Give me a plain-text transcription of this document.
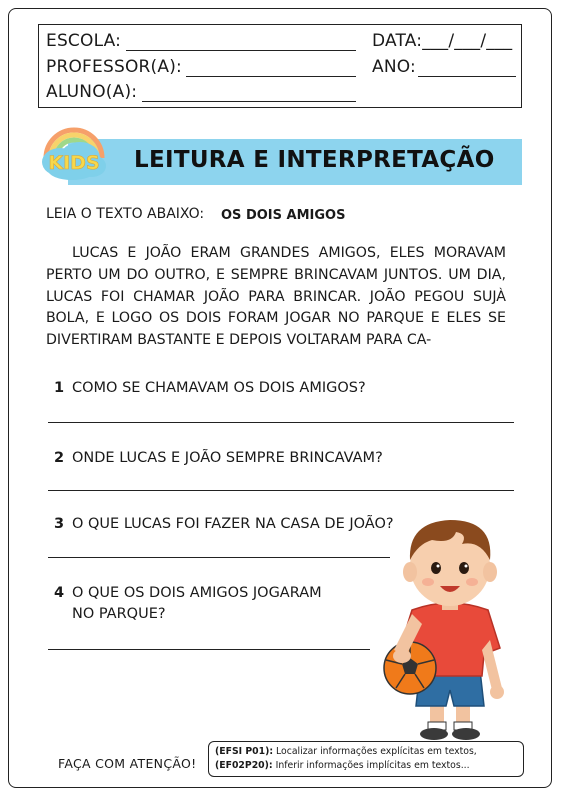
ESCOLA:	DATA:___/___/___
PROFESSOR(A):	ANO:
ALUNO(A):
KIDS LEITURA E INTERPRETAÇÃO
LEIA O TEXTO ABAIXO: OS DOIS AMIGOS
LUCAS E JOÃO ERAM GRANDES AMIGOS, ELES MORAVAM PERTO UM DO OUTRO, E SEMPRE BRINCAVAM JUNTOS. UM DIA, LUCAS FOI CHAMAR JOÃO PARA BRINCAR. JOÃO PEGOU SUJÀ BOLA, E LOGO OS DOIS FORAM JOGAR NO PARQUE E ELES SE DIVERTIRAM BASTANTE E DEPOIS VOLTARAM PARA CA-
1 COMO SE CHAMAVAM OS DOIS AMIGOS?
2 ONDE LUCAS E JOÃO SEMPRE BRINCAVAM?
3 O QUE LUCAS FOI FAZER NA CASA DE JOÃO?
4 O QUE OS DOIS AMIGOS JOGARAM
NO PARQUE?
FAÇA COM ATENÇÃO!
(EFSI P01): Localizar informações explícitas em textos,
(EF02P20): Inferir informações implícitas em textos...
